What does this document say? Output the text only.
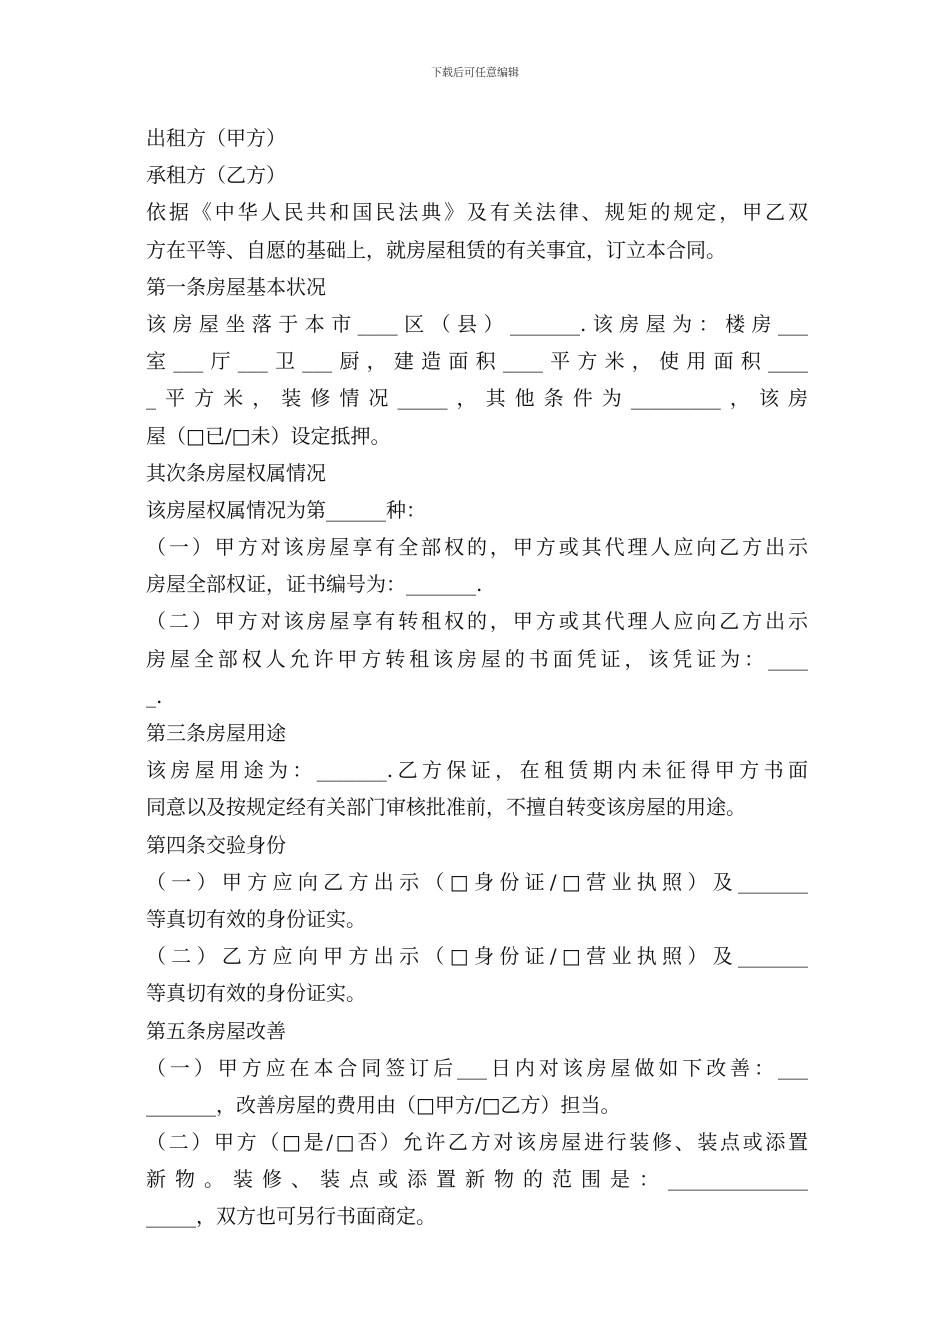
下载后可任意编辑
出租方（甲方）
承租方（乙方）
依据《中华人民共和国民法典》及有关法律、规矩的规定，甲乙双
方在平等、自愿的基础上，就房屋租赁的有关事宜，订立本合同。
第一条房屋基本状况
该房屋坐落于本市____区（县）_______.该房屋为：楼房___
室___厅___卫___厨，建造面积____平方米，使用面积____
_平方米，装修情况_____，其他条件为_________，该房
屋（□已/□未）设定抵押。
其次条房屋权属情况
该房屋权属情况为第______种：
（一）甲方对该房屋享有全部权的，甲方或其代理人应向乙方出示
房屋全部权证，证书编号为：_______.
（二）甲方对该房屋享有转租权的，甲方或其代理人应向乙方出示
房屋全部权人允许甲方转租该房屋的书面凭证，该凭证为：____
_.
第三条房屋用途
该房屋用途为：_______.乙方保证，在租赁期内未征得甲方书面
同意以及按规定经有关部门审核批准前，不擅自转变该房屋的用途。
第四条交验身份
（一）甲方应向乙方出示（□身份证/□营业执照）及_______
等真切有效的身份证实。
（二）乙方应向甲方出示（□身份证/□营业执照）及_______
等真切有效的身份证实。
第五条房屋改善
（一）甲方应在本合同签订后___日内对该房屋做如下改善：___
_______，改善房屋的费用由（□甲方/□乙方）担当。
（二）甲方（□是/□否）允许乙方对该房屋进行装修、装点或添置
新物。装修、装点或添置新物的范围是：______________
_____，双方也可另行书面商定。
